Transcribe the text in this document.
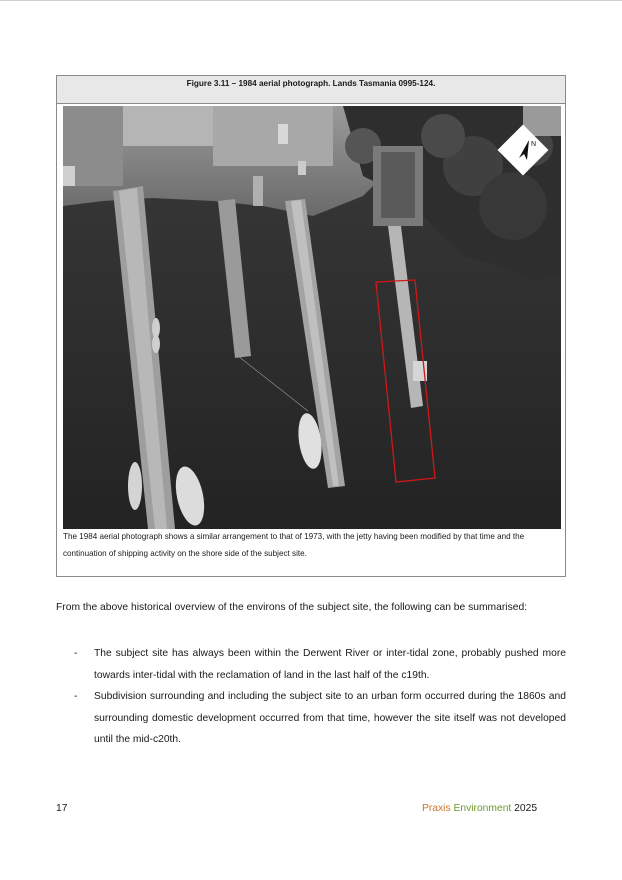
Figure 3.11 – 1984 aerial photograph. Lands Tasmania 0995-124.
N
The 1984 aerial photograph shows a similar arrangement to that of 1973, with the jetty having been modified by that time and the continuation of shipping activity on the shore side of the subject site.
From the above historical overview of the environs of the subject site, the following can be summarised:
- The subject site has always been within the Derwent River or inter-tidal zone, probably pushed more towards inter-tidal with the reclamation of land in the last half of the c19th.
- Subdivision surrounding and including the subject site to an urban form occurred during the 1860s and surrounding domestic development occurred from that time, however the site itself was not developed until the mid-c20th.
17	Praxis Environment 2025
